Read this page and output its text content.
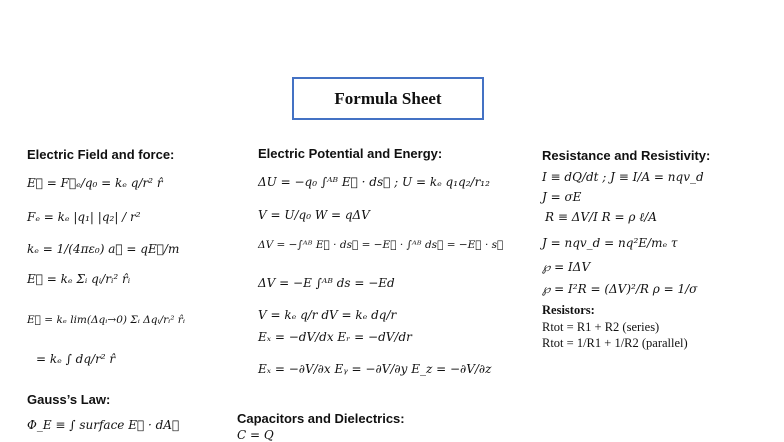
Formula Sheet
Electric Field and force:
E⃗ = F⃗ₑ/q₀ = kₑ q/r² r̂
Fₑ = kₑ |q₁| |q₂| / r²
kₑ = 1/(4πε₀) a⃗ = qE⃗/m
E⃗ = kₑ Σᵢ qᵢ/rᵢ² r̂ᵢ
E⃗ = kₑ lim(Δqᵢ→0) Σᵢ Δqᵢ/rᵢ² r̂ᵢ
= kₑ ∫ dq/r² r̂
Gauss’s Law:
Φ_E ≡ ∫ surface E⃗ · dA⃗
Electric Potential and Energy:
ΔU = −q₀ ∫ᴬᴮ E⃗ · ds⃗ ; U = kₑ q₁q₂/r₁₂
V = U/q₀ W = qΔV
ΔV = −∫ᴬᴮ E⃗ · ds⃗ = −E⃗ · ∫ᴬᴮ ds⃗ = −E⃗ · s⃗
ΔV = −E ∫ᴬᴮ ds = −Ed
V = kₑ q/r dV = kₑ dq/r
Eₓ = −dV/dx Eᵣ = −dV/dr
Eₓ = −∂V/∂x Eᵧ = −∂V/∂y E_z = −∂V/∂z
Capacitors and Dielectrics:
C = Q
Resistance and Resistivity:
I ≡ dQ/dt ; J ≡ I/A = nqv_d
J = σE
R ≡ ΔV/I R = ρ ℓ/A
J = nqv_d = nq²E/mₑ τ
℘ = IΔV
℘ = I²R = (ΔV)²/R ρ = 1/σ
Resistors:
Rtot = R1 + R2 (series)
Rtot = 1/R1 + 1/R2 (parallel)
